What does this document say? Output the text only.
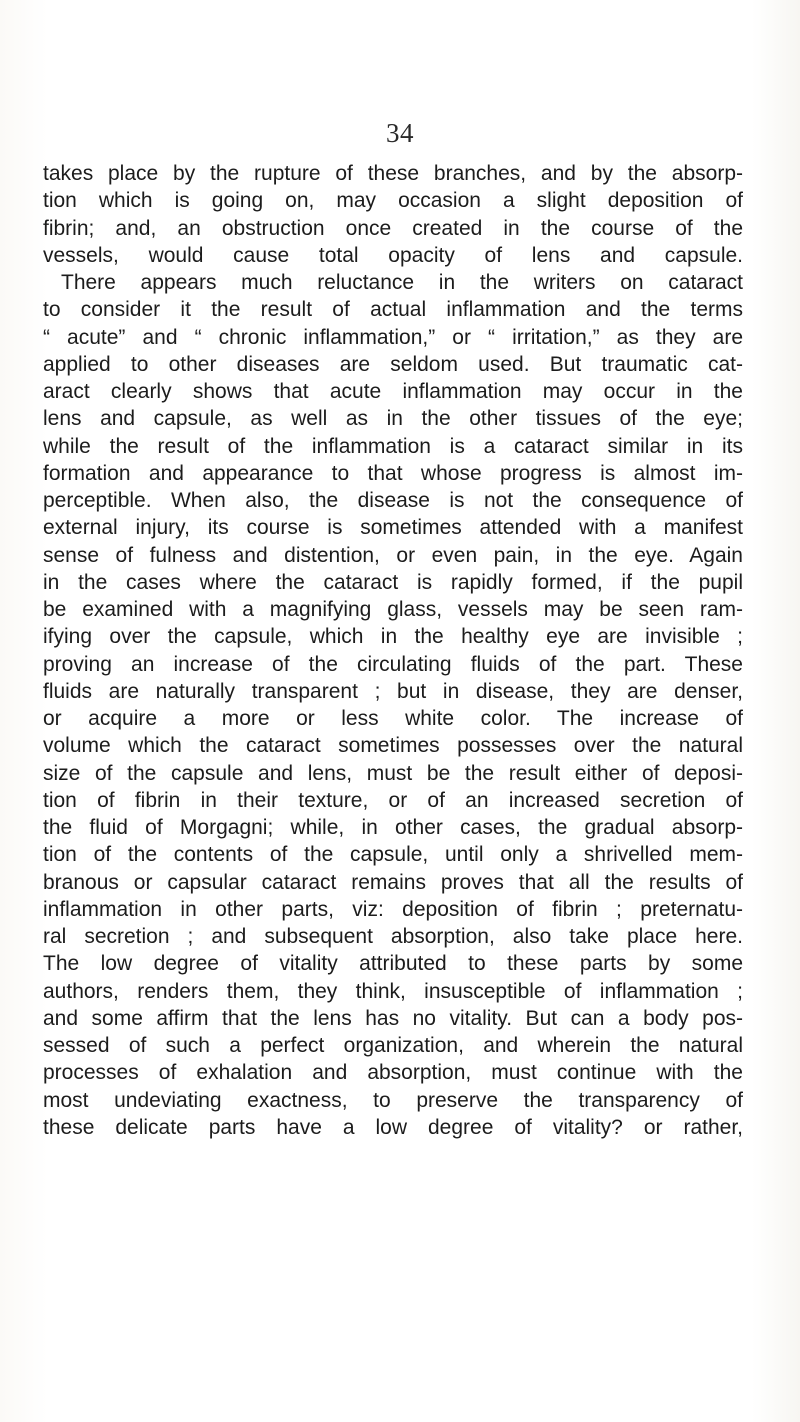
34
takes place by the rupture of these branches, and by the absorp-
tion which is going on, may occasion a slight deposition of
fibrin; and, an obstruction once created in the course of the
vessels, would cause total opacity of lens and capsule.
There appears much reluctance in the writers on cataract
to consider it the result of actual inflammation and the terms
“ acute” and “ chronic inflammation,” or “ irritation,” as they are
applied to other diseases are seldom used. But traumatic cat-
aract clearly shows that acute inflammation may occur in the
lens and capsule, as well as in the other tissues of the eye;
while the result of the inflammation is a cataract similar in its
formation and appearance to that whose progress is almost im-
perceptible. When also, the disease is not the consequence of
external injury, its course is sometimes attended with a manifest
sense of fulness and distention, or even pain, in the eye. Again
in the cases where the cataract is rapidly formed, if the pupil
be examined with a magnifying glass, vessels may be seen ram-
ifying over the capsule, which in the healthy eye are invisible ;
proving an increase of the circulating fluids of the part. These
fluids are naturally transparent ; but in disease, they are denser,
or acquire a more or less white color. The increase of
volume which the cataract sometimes possesses over the natural
size of the capsule and lens, must be the result either of deposi-
tion of fibrin in their texture, or of an increased secretion of
the fluid of Morgagni; while, in other cases, the gradual absorp-
tion of the contents of the capsule, until only a shrivelled mem-
branous or capsular cataract remains proves that all the results of
inflammation in other parts, viz: deposition of fibrin ; preternatu-
ral secretion ; and subsequent absorption, also take place here.
The low degree of vitality attributed to these parts by some
authors, renders them, they think, insusceptible of inflammation ;
and some affirm that the lens has no vitality. But can a body pos-
sessed of such a perfect organization, and wherein the natural
processes of exhalation and absorption, must continue with the
most undeviating exactness, to preserve the transparency of
these delicate parts have a low degree of vitality? or rather,
